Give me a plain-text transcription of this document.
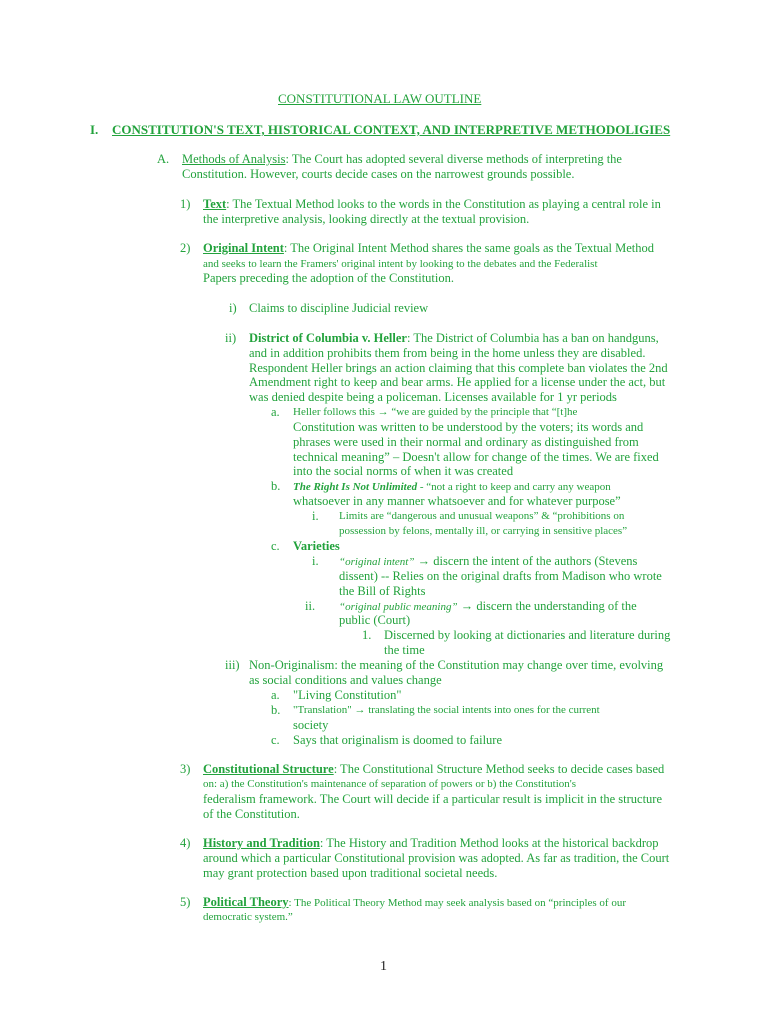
CONSTITUTIONAL LAW OUTLINE
I. CONSTITUTION'S TEXT, HISTORICAL CONTEXT, AND INTERPRETIVE METHODOLIGIES
A. Methods of Analysis: The Court has adopted several diverse methods of interpreting the
Constitution. However, courts decide cases on the narrowest grounds possible.
1) Text: The Textual Method looks to the words in the Constitution as playing a central role in
the interpretive analysis, looking directly at the textual provision.
2) Original Intent: The Original Intent Method shares the same goals as the Textual Method
and seeks to learn the Framers' original intent by looking to the debates and the Federalist
Papers preceding the adoption of the Constitution.
i) Claims to discipline Judicial review
ii) District of Columbia v. Heller: The District of Columbia has a ban on handguns,
and in addition prohibits them from being in the home unless they are disabled.
Respondent Heller brings an action claiming that this complete ban violates the 2nd
Amendment right to keep and bear arms. He applied for a license under the act, but
was denied despite being a policeman. Licenses available for 1 yr periods
a. Heller follows this → “we are guided by the principle that “[t]he
Constitution was written to be understood by the voters; its words and
phrases were used in their normal and ordinary as distinguished from
technical meaning” – Doesn't allow for change of the times. We are fixed
into the social norms of when it was created
b. The Right Is Not Unlimited - “not a right to keep and carry any weapon
whatsoever in any manner whatsoever and for whatever purpose”
i. Limits are “dangerous and unusual weapons” & “prohibitions on
possession by felons, mentally ill, or carrying in sensitive places”
c. Varieties
i. “original intent” → discern the intent of the authors (Stevens
dissent) -- Relies on the original drafts from Madison who wrote
the Bill of Rights
ii. “original public meaning” → discern the understanding of the
public (Court)
1. Discerned by looking at dictionaries and literature during
the time
iii) Non-Originalism: the meaning of the Constitution may change over time, evolving
as social conditions and values change
a. "Living Constitution"
b. "Translation" → translating the social intents into ones for the current
society
c. Says that originalism is doomed to failure
3) Constitutional Structure: The Constitutional Structure Method seeks to decide cases based
on: a) the Constitution's maintenance of separation of powers or b) the Constitution's
federalism framework. The Court will decide if a particular result is implicit in the structure
of the Constitution.
4) History and Tradition: The History and Tradition Method looks at the historical backdrop
around which a particular Constitutional provision was adopted. As far as tradition, the Court
may grant protection based upon traditional societal needs.
5) Political Theory: The Political Theory Method may seek analysis based on “principles of our
democratic system.”
1
